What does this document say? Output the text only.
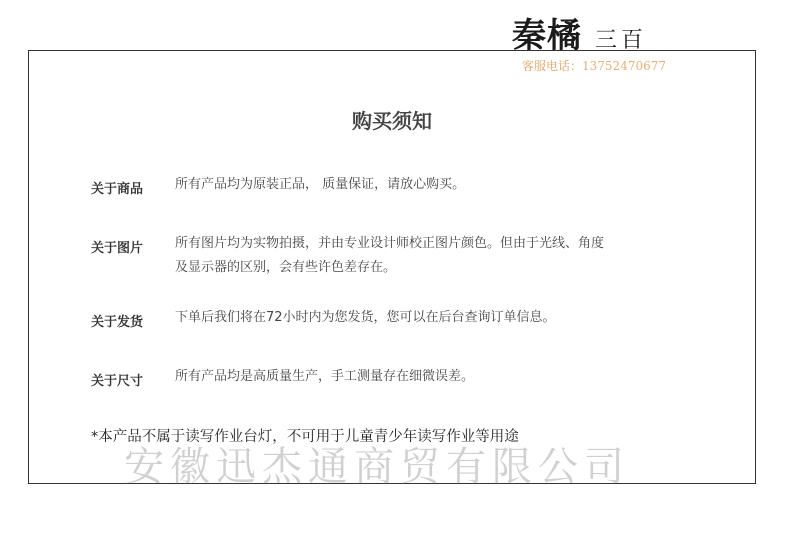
秦橘 三百
客服电话：13752470677
购买须知
关于商品 所有产品均为原装正品， 质量保证，请放心购买。
关于图片 所有图片均为实物拍摄，并由专业设计师校正图片颜色。但由于光线、角度及显示器的区别，会有些许色差存在。
关于发货 下单后我们将在72小时内为您发货，您可以在后台查询订单信息。
关于尺寸 所有产品均是高质量生产，手工测量存在细微误差。
*本产品不属于读写作业台灯，不可用于儿童青少年读写作业等用途
安徽迅杰通商贸有限公司
